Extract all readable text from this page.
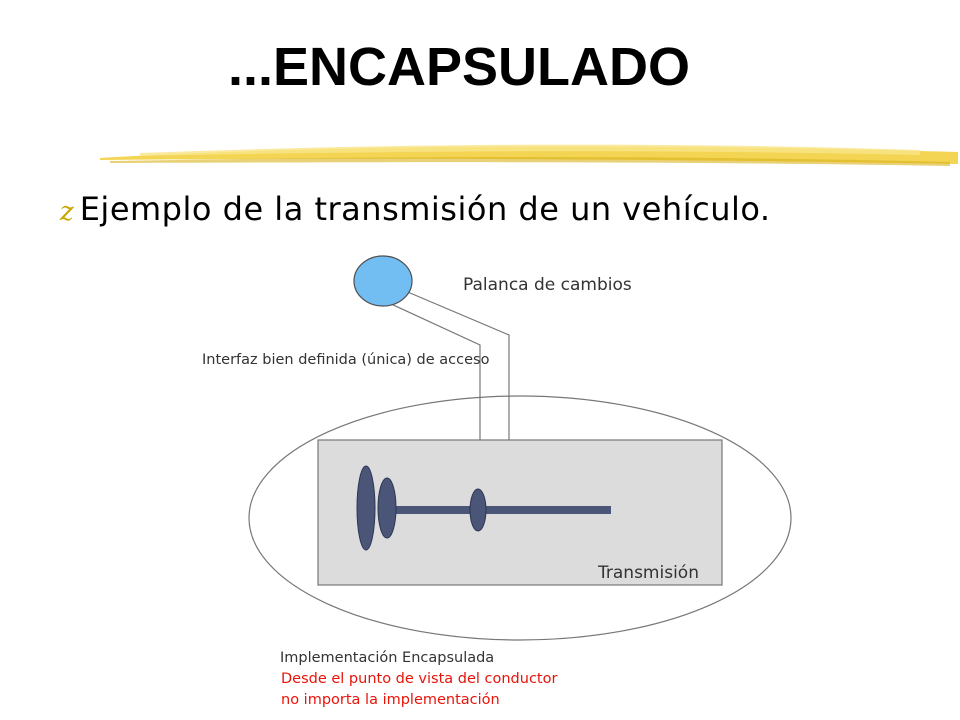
...ENCAPSULADO
z Ejemplo de la transmisión de un vehículo.
Palanca de cambios
Interfaz bien definida (única) de acceso
Transmisión
Implementación Encapsulada
Desde el punto de vista del conductor
no importa la implementación
